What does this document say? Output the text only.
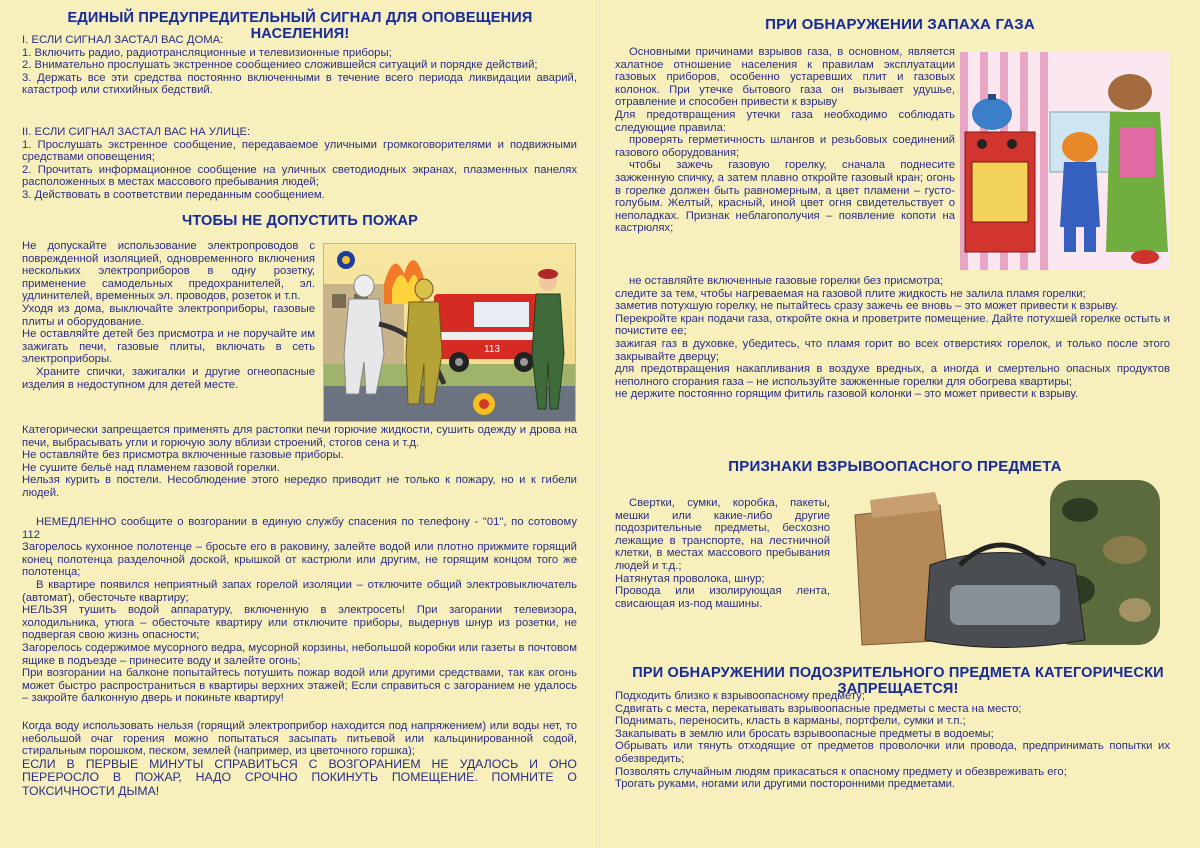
ЕДИНЫЙ ПРЕДУПРЕДИТЕЛЬНЫЙ СИГНАЛ ДЛЯ ОПОВЕЩЕНИЯ НАСЕЛЕНИЯ!

I. ЕСЛИ СИГНАЛ ЗАСТАЛ ВАС ДОМА:

1. Включить радио, радиотрансляционные и телевизионные приборы;

2. Внимательно прослушать экстренное сообщениео сложившейся ситуаций и порядке действий;

3. Держать все эти средства постоянно включенными в течение всего периода ликвидации аварий, катастроф или стихийных бедствий.

II. ЕСЛИ СИГНАЛ ЗАСТАЛ ВАС НА УЛИЦЕ:

1. Прослушать экстренное сообщение, передаваемое уличными громкоговорителями и подвижными средствами оповещения;

2. Прочитать информационное сообщение на уличных светодиодных экранах, плазменных панелях расположенных в местах массового пребывания людей;

3. Действовать в соответствии переданным сообщением.

ЧТОБЫ НЕ ДОПУСТИТЬ ПОЖАР

Не допускайте использование электропроводов с поврежденной изоляцией, одновременного включения нескольких электроприборов в одну розетку, применение самодельных предохранителей, эл. удлинителей, временных эл. проводов, розеток и т.п.

Уходя из дома, выключайте электроприборы, газовые плиты и оборудование.

Не оставляйте детей без присмотра и не поручайте им зажигать печи, газовые плиты, включать в сеть электроприборы.

Храните спички, зажигалки и другие огнеопасные изделия в недоступном для детей месте.

113

Категорически запрещается применять для растопки печи горючие жидкости, сушить одежду и дрова на печи, выбрасывать угли и горючую золу вблизи строений, стогов сена и т.д.

Не оставляйте без присмотра включенные газовые приборы.

Не сушите бельё над пламенем газовой горелки.

Нельзя курить в постели. Несоблюдение этого нередко приводит не только к пожару, но и к гибели людей.

НЕМЕДЛЕННО сообщите о возгорании в единую службу спасения по телефону - "01", по сотовому 112

Загорелось кухонное полотенце – бросьте его в раковину, залейте водой или плотно прижмите горящий конец полотенца разделочной доской, крышкой от кастрюли или другим, не горящим концом того же полотенца;

В квартире появился неприятный запах горелой изоляции – отключите общий электровыключатель (автомат), обесточьте квартиру;

НЕЛЬЗЯ тушить водой аппаратуру, включенную в электросеть! При загорании телевизора, холодильника, утюга – обесточьте квартиру или отключите приборы, выдернув шнур из розетки, не подвергая свою жизнь опасности;

Загорелось содержимое мусорного ведра, мусорной корзины, небольшой коробки или газеты в почтовом ящике в подъезде – принесите воду и залейте огонь;

При возгорании на балконе попытайтесь потушить пожар водой или другими средствами, так как огонь может быстро распространиться в квартиры верхних этажей; Если справиться с загоранием не удалось – закройте балконную дверь и покиньте квартиру!

Когда воду использовать нельзя (горящий электроприбор находится под напряжением) или воды нет, то небольшой очаг горения можно попытаться засыпать питьевой или кальцинированной содой, стиральным порошком, песком, землей (например, из цветочного горшка);

ЕСЛИ В ПЕРВЫЕ МИНУТЫ СПРАВИТЬСЯ С ВОЗГОРАНИЕМ НЕ УДАЛОСЬ И ОНО ПЕРЕРОСЛО В ПОЖАР, НАДО СРОЧНО ПОКИНУТЬ ПОМЕЩЕНИЕ. ПОМНИТЕ О ТОКСИЧНОСТИ ДЫМА!

ПРИ ОБНАРУЖЕНИИ ЗАПАХА ГАЗА

Основными причинами взрывов газа, в основном, является халатное отношение населения к правилам эксплуатации газовых приборов, особенно устаревших плит и газовых колонок. При утечке бытового газа он вызывает удушье, отравление и способен привести к взрыву

Для предотвращения утечки газа необходимо соблюдать следующие правила:

проверять герметичность шлангов и резьбовых соединений газового оборудования;

чтобы зажечь газовую горелку, сначала поднесите зажженную спичку, а затем плавно откройте газовый кран; огонь в горелке должен быть равномерным, а цвет пламени – густо-голубым. Желтый, красный, иной цвет огня свидетельствует о неполадках. Признак неблагополучия – появление копоти на кастрюлях;

не оставляйте включенные газовые горелки без присмотра;

следите за тем, чтобы нагреваемая на газовой плите жидкость не залила пламя горелки;

заметив потухшую горелку, не пытайтесь сразу зажечь ее вновь – это может привести к взрыву.

Перекройте кран подачи газа, откройте окна и проветрите помещение. Дайте потухшей горелке остыть и почистите ее;

зажигая газ в духовке, убедитесь, что пламя горит во всех отверстиях горелок, и только после этого закрывайте дверцу;

для предотвращения накапливания в воздухе вредных, а иногда и смертельно опасных продуктов неполного сгорания газа – не используйте зажженные горелки для обогрева квартиры;

не держите постоянно горящим фитиль газовой колонки – это может привести к взрыву.

ПРИЗНАКИ ВЗРЫВООПАСНОГО ПРЕДМЕТА

Свертки, сумки, коробка, пакеты, мешки или какие-либо другие подозрительные предметы, бесхозно лежащие в транспорте, на лестничной клетки, в местах массового пребывания людей и т.д.;

Натянутая проволока, шнур;

Провода или изолирующая лента, свисающая из-под машины.

ПРИ ОБНАРУЖЕНИИ ПОДОЗРИТЕЛЬНОГО ПРЕДМЕТА КАТЕГОРИЧЕСКИ ЗАПРЕЩАЕТСЯ!

Подходить близко к взрывоопасному предмету;

Сдвигать с места, перекатывать взрывоопасные предметы с места на место;

Поднимать, переносить, класть в карманы, портфели, сумки и т.п.;

Закапывать в землю или бросать взрывоопасные предметы в водоемы;

Обрывать или тянуть отходящие от предметов проволочки или провода, предпринимать попытки их обезвредить;

Позволять случайным людям прикасаться к опасному предмету и обезвреживать его;

Трогать руками, ногами или другими посторонними предметами.
